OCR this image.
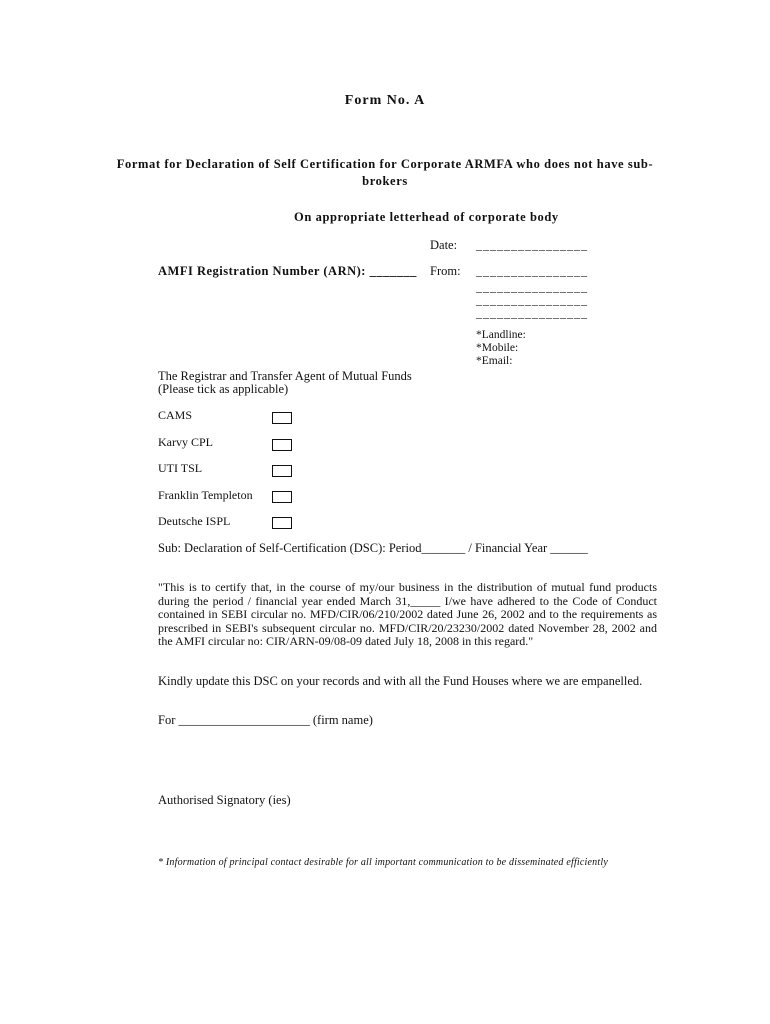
Form No. A
Format for Declaration of Self Certification for Corporate ARMFA who does not have sub-brokers
On appropriate letterhead of corporate body
Date: ________________
AMFI Registration Number (ARN): _______ From: ________________
________________
________________
________________
*Landline:
*Mobile:
*Email:
The Registrar and Transfer Agent of Mutual Funds
(Please tick as applicable)
CAMS
Karvy CPL
UTI TSL
Franklin Templeton
Deutsche ISPL
Sub: Declaration of Self-Certification (DSC): Period_______ / Financial Year ______
"This is to certify that, in the course of my/our business in the distribution of mutual fund products during the period / financial year ended March 31,_____ I/we have adhered to the Code of Conduct contained in SEBI circular no. MFD/CIR/06/210/2002 dated June 26, 2002 and to the requirements as prescribed in SEBI's subsequent circular no. MFD/CIR/20/23230/2002 dated November 28, 2002 and the AMFI circular no: CIR/ARN-09/08-09 dated July 18, 2008 in this regard."
Kindly update this DSC on your records and with all the Fund Houses where we are empanelled.
For _____________________ (firm name)
Authorised Signatory (ies)
* Information of principal contact desirable for all important communication to be disseminated efficiently
